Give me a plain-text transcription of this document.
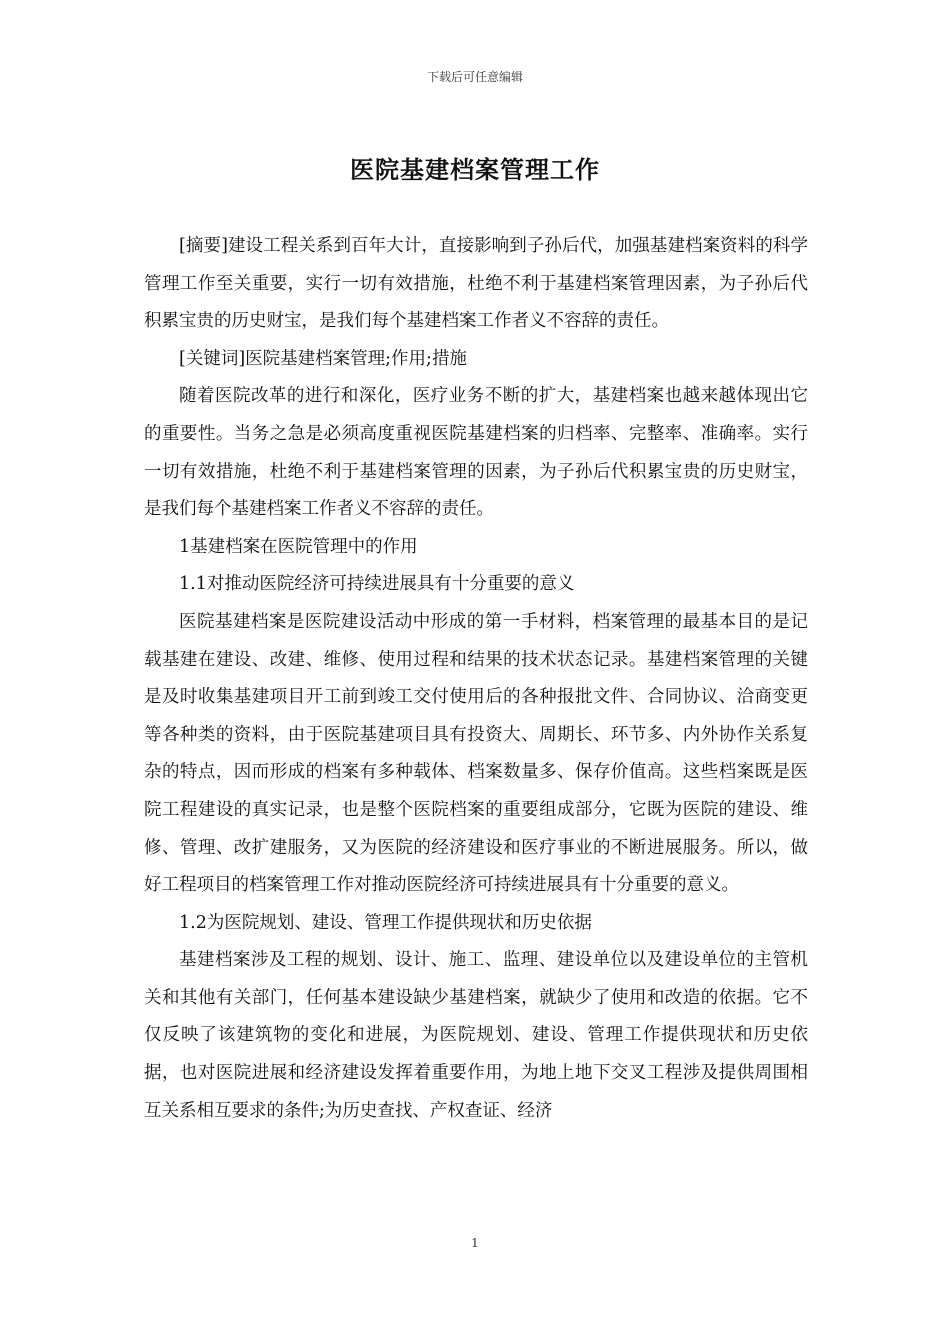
下载后可任意编辑
医院基建档案管理工作

[摘要]建设工程关系到百年大计，直接影响到子孙后代，加强基建档案资料的科学管理工作至关重要，实行一切有效措施，杜绝不利于基建档案管理因素，为子孙后代积累宝贵的历史财宝，是我们每个基建档案工作者义不容辞的责任。

[关键词]医院基建档案管理;作用;措施

随着医院改革的进行和深化，医疗业务不断的扩大，基建档案也越来越体现出它的重要性。当务之急是必须高度重视医院基建档案的归档率、完整率、准确率。实行一切有效措施，杜绝不利于基建档案管理的因素，为子孙后代积累宝贵的历史财宝，是我们每个基建档案工作者义不容辞的责任。

1基建档案在医院管理中的作用

1.1对推动医院经济可持续进展具有十分重要的意义

医院基建档案是医院建设活动中形成的第一手材料，档案管理的最基本目的是记载基建在建设、改建、维修、使用过程和结果的技术状态记录。基建档案管理的关键是及时收集基建项目开工前到竣工交付使用后的各种报批文件、合同协议、洽商变更等各种类的资料，由于医院基建项目具有投资大、周期长、环节多、内外协作关系复杂的特点，因而形成的档案有多种载体、档案数量多、保存价值高。这些档案既是医院工程建设的真实记录，也是整个医院档案的重要组成部分，它既为医院的建设、维修、管理、改扩建服务，又为医院的经济建设和医疗事业的不断进展服务。所以，做好工程项目的档案管理工作对推动医院经济可持续进展具有十分重要的意义。

1.2为医院规划、建设、管理工作提供现状和历史依据

基建档案涉及工程的规划、设计、施工、监理、建设单位以及建设单位的主管机关和其他有关部门，任何基本建设缺少基建档案，就缺少了使用和改造的依据。它不仅反映了该建筑物的变化和进展，为医院规划、建设、管理工作提供现状和历史依据，也对医院进展和经济建设发挥着重要作用，为地上地下交叉工程涉及提供周围相互关系相互要求的条件;为历史查找、产权查证、经济

1
